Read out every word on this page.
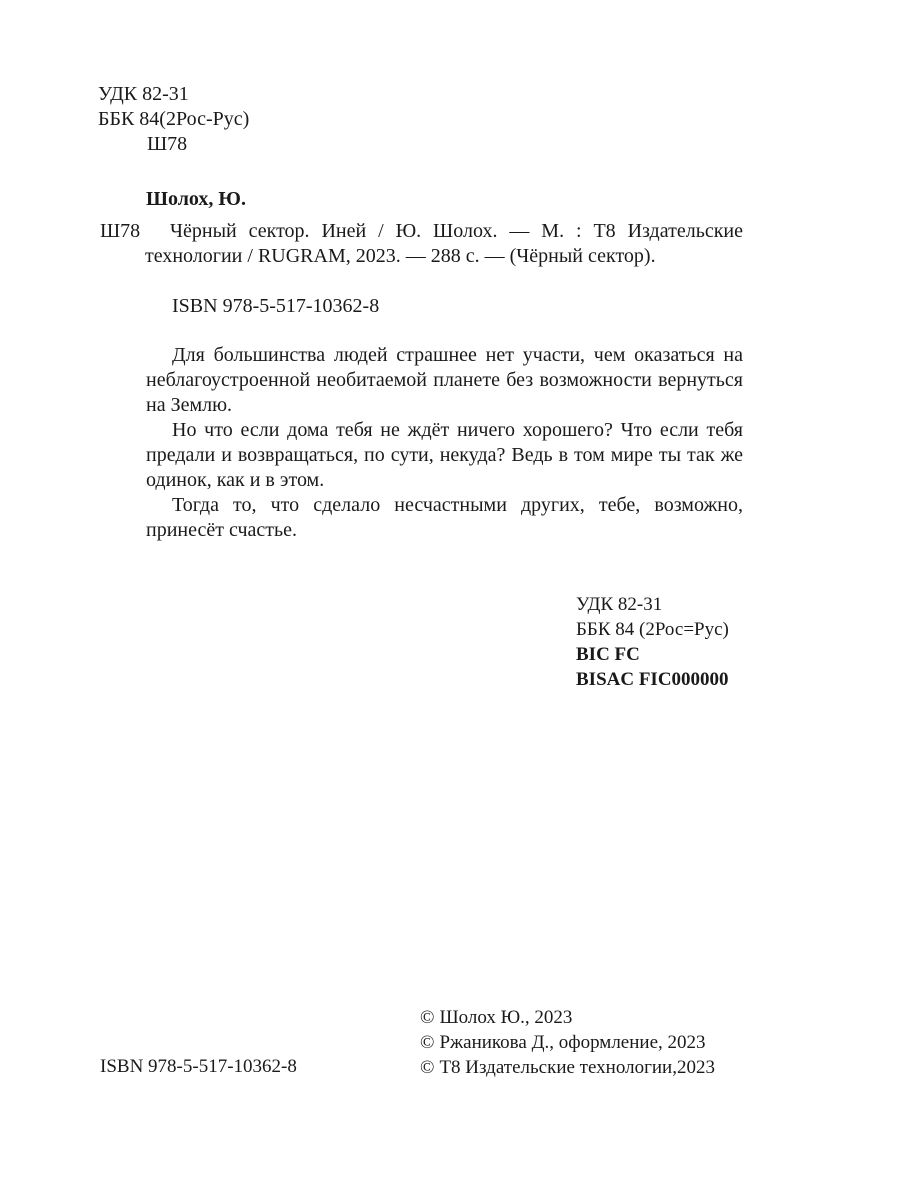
УДК 82-31
ББК 84(2Рос-Рус)
Ш78
Шолох, Ю.
Ш78 Чёрный сектор. Иней / Ю. Шолох. — М. : Т8 Издательские
технологии / RUGRAM, 2023. — 288 с. — (Чёрный сектор).
ISBN 978-5-517-10362-8

Для большинства людей страшнее нет участи, чем оказаться на неблагоустроенной необитаемой планете без возможности вернуться на Землю.

Но что если дома тебя не ждёт ничего хорошего? Что если тебя предали и возвращаться, по сути, некуда? Ведь в том мире ты так же одинок, как и в этом.

Тогда то, что сделало несчастными других, тебе, возможно, принесёт счастье.

УДК 82-31
ББК 84 (2Рос=Рус)
BIC FC
BISAC FIC000000
© Шолох Ю., 2023
© Ржаникова Д., оформление, 2023
© Т8 Издательские технологии,2023
ISBN 978-5-517-10362-8
